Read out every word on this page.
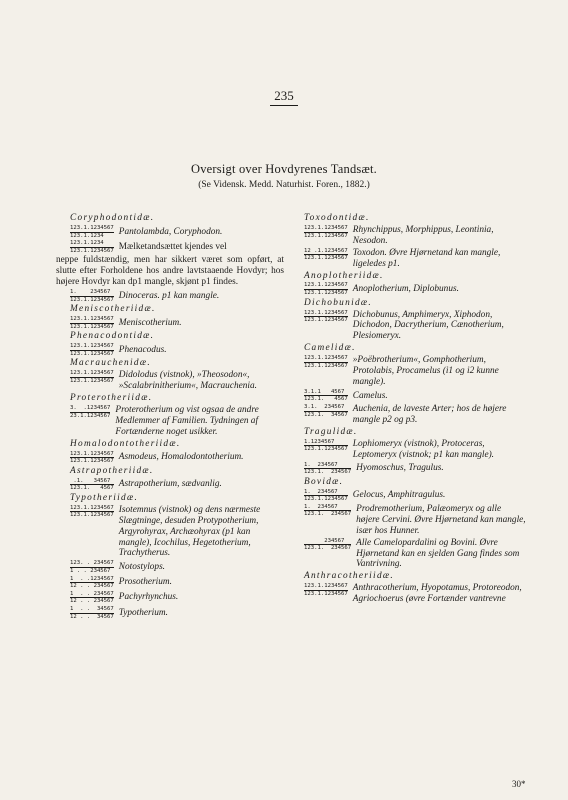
235
Oversigt over Hovdyrenes Tandsæt.
(Se Vidensk. Medd. Naturhist. Foren., 1882.)
Coryphodontidæ.
123.1.1234567
123.1.1234	Pantolambda, Coryphodon.
123.1.1234
123.1.1234567 Mælketandsættet kjendes vel
neppe fuldstændig, men har sikkert været som opført, at slutte efter Forholdene hos andre lavtstaaende Hovdyr; hos højere Hovdyr kan dp1 mangle, skjønt p1 findes.
1.    234567
123.1.1234567 Dinoceras. p1 kan mangle.
Meniscotheriidæ.
123.1.1234567
123.1.1234567 Meniscotherium.
Phenacodontidæ.
123.1.1234567
123.1.1234567 Phenacodus.
Macrauchenidæ.
123.1.1234567
123.1.1234567
Didolodus (vistnok), »Theosodon«, »Scalabrinitherium«, Macrauchenia.
Proterotheriidæ.
3.  .1234567
23.1.1234567
Proterotherium og vist ogsaa de andre Medlemmer af Familien. Tydningen af Fortænderne noget usikker.
Homalodontotheriidæ.
123.1.1234567
123.1.1234567 Asmodeus, Homalodontotherium.
Astrapotheriidæ.
.1.   34567
123.1.   4567 Astrapotherium, sædvanlig.
Typotheriidæ.
123.1.1234567
123.1.1234567
Isotemnus (vistnok) og dens nærmeste Slægtninge, desuden Protypotherium, Argyrohyrax, Archæohyrax (p1 kan mangle), Icochilus, Hegetotherium, Trachytherus.
123. . 234567
1 . . 234567 Notostylops.
1  . .1234567
12 . . 234567 Prosotherium.
1  . . 234567
12 . . 234567 Pachyrhynchus.
1  . .  34567
12 . .  34567 Typotherium.
Toxodontidæ.
123.1.1234567
123.1.1234567
Rhynchippus, Morphippus, Leontinia, Nesodon.
12 .1.1234567
123.1.1234567
Toxodon. Øvre Hjørnetand kan mangle, ligeledes p1.
Anoplotheriidæ.
123.1.1234567
123.1.1234567 Anoplotherium, Diplobunus.
Dichobunidæ.
123.1.1234567
123.1.1234567
Dichobunus, Amphimeryx, Xiphodon, Dichodon, Dacrytherium, Cænotherium, Plesiomeryx.
Camelidæ.
123.1.1234567
123.1.1234567
»Poëbrotherium«, Gomphotherium, Protolabis, Procamelus (i1 og i2 kunne mangle).
3.1.1   4567
123.1.   4567 Camelus.
3.1.  234567
123.1.  34567
Auchenia, de laveste Arter; hos de højere mangle p2 og p3.
Tragulidæ.
1.1234567
123.1.1234567
Lophiomeryx (vistnok), Protoceras, Leptomeryx (vistnok; p1 kan mangle).
1.  234567
123.1.  234567 Hyomoschus, Tragulus.
Bovidæ.
1.  234567
123.1.1234567 Gelocus, Amphitragulus.
1.  234567
123.1.  234567
Prodremotherium, Palæomeryx og alle højere Cervini. Øvre Hjørnetand kan mangle, især hos Hunner.
234567
123.1.  234567
Alle Camelopardalini og Bovini. Øvre Hjørnetand kan en sjelden Gang findes som Vantrivning.
Anthracotheriidæ.
123.1.1234567
123.1.1234567
Anthracotherium, Hyopotamus, Protoreodon, Agriochoerus (øvre Fortænder vantrevne
30*
